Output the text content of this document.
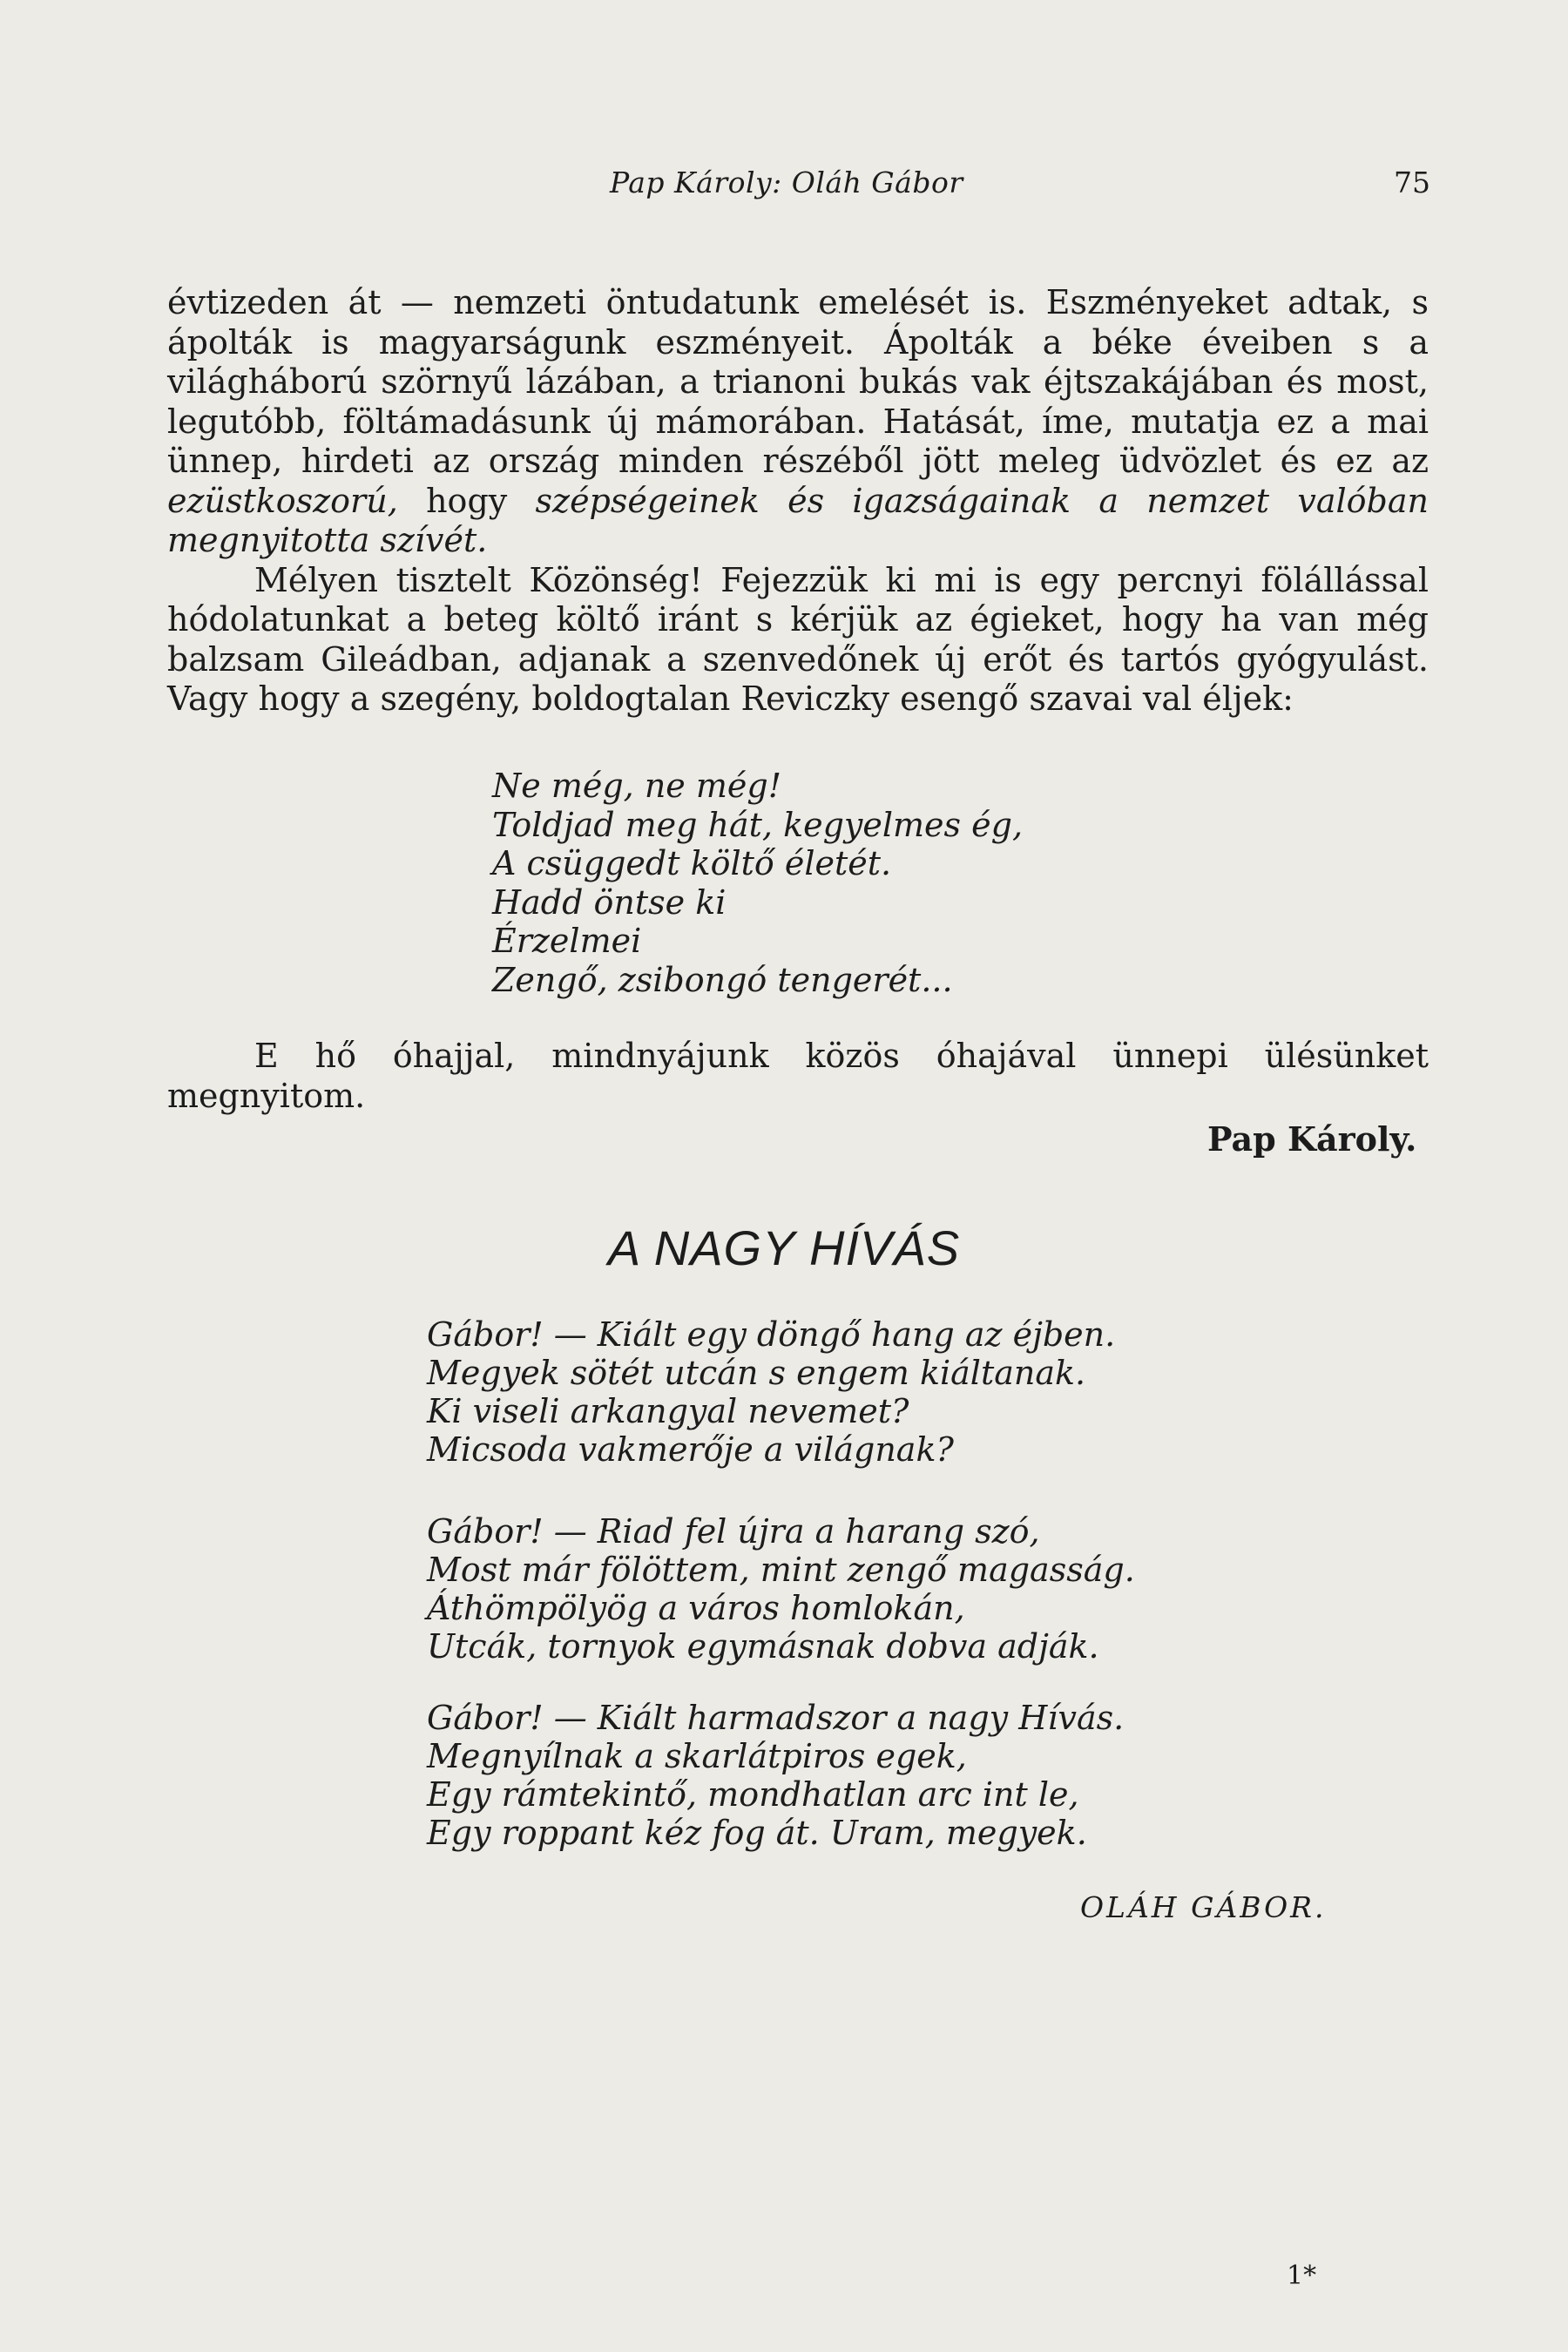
Pap Károly: Oláh Gábor	75

évtizeden át — nemzeti öntudatunk emelését is. Eszményeket adtak, s ápolták is magyarságunk eszményeit. Ápolták a béke éveiben s a világháború szörnyű lázában, a trianoni bukás vak éjtszakájában és most, legutóbb, föltámadásunk új mámorában. Hatását, íme, mutatja ez a mai ünnep, hirdeti az ország minden részéből jött meleg üdvözlet és ez az ezüstkoszorú, hogy szépségeinek és igazságainak a nemzet valóban megnyitotta szívét.

Mélyen tisztelt Közönség! Fejezzük ki mi is egy percnyi fölállással hódolatunkat a beteg költő iránt s kérjük az égieket, hogy ha van még balzsam Gileádban, adjanak a szenvedőnek új erőt és tartós gyógyulást. Vagy hogy a szegény, boldogtalan Reviczky esengő szavai val éljek:

Ne még, ne még!
Toldjad meg hát, kegyelmes ég,
A csüggedt költő életét.
Hadd öntse ki
Érzelmei
Zengő, zsibongó tengerét...

E hő óhajjal, mindnyájunk közös óhajával ünnepi ülésünket megnyitom.

Pap Károly.
A NAGY HÍVÁS
Gábor! — Kiált egy döngő hang az éjben.
Megyek sötét utcán s engem kiáltanak.
Ki viseli arkangyal nevemet?
Micsoda vakmerője a világnak?
Gábor! — Riad fel újra a harang szó,
Most már fölöttem, mint zengő magasság.
Áthömpölyög a város homlokán,
Utcák, tornyok egymásnak dobva adják.
Gábor! — Kiált harmadszor a nagy Hívás.
Megnyílnak a skarlátpiros egek,
Egy rámtekintő, mondhatlan arc int le,
Egy roppant kéz fog át. Uram, megyek.
OLÁH GÁBOR.
1*
